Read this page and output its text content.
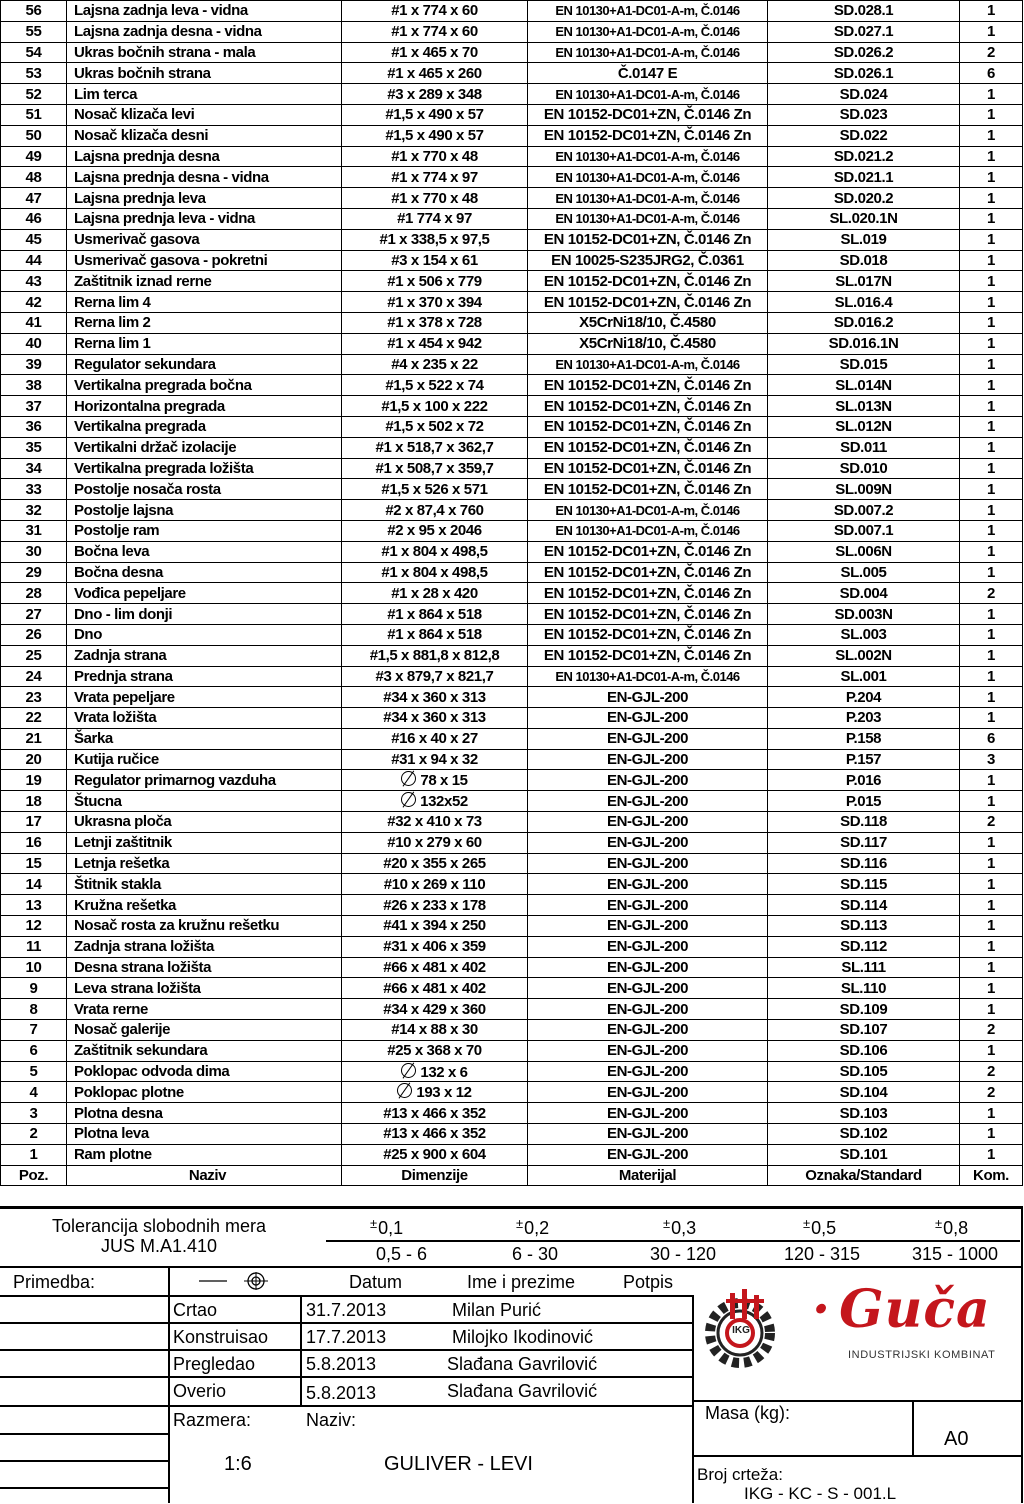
56	Lajsna zadnja leva - vidna	#1 x 774 x 60	EN 10130+A1-DC01-A-m, Č.0146	SD.028.1	1
55	Lajsna zadnja desna - vidna	#1 x 774 x 60	EN 10130+A1-DC01-A-m, Č.0146	SD.027.1	1
54	Ukras bočnih strana - mala	#1 x 465 x 70	EN 10130+A1-DC01-A-m, Č.0146	SD.026.2	2
53	Ukras bočnih strana	#1 x 465 x 260	Č.0147 E	SD.026.1	6
52	Lim terca	#3 x 289 x 348	EN 10130+A1-DC01-A-m, Č.0146	SD.024	1
51	Nosač klizača levi	#1,5 x 490 x 57	EN 10152-DC01+ZN, Č.0146 Zn	SD.023	1
50	Nosač klizača desni	#1,5 x 490 x 57	EN 10152-DC01+ZN, Č.0146 Zn	SD.022	1
49	Lajsna prednja desna	#1 x 770 x 48	EN 10130+A1-DC01-A-m, Č.0146	SD.021.2	1
48	Lajsna prednja desna - vidna	#1 x 774 x 97	EN 10130+A1-DC01-A-m, Č.0146	SD.021.1	1
47	Lajsna prednja leva	#1 x 770 x 48	EN 10130+A1-DC01-A-m, Č.0146	SD.020.2	1
46	Lajsna prednja leva - vidna	#1 774 x 97	EN 10130+A1-DC01-A-m, Č.0146	SL.020.1N	1
45	Usmerivač gasova	#1 x 338,5 x 97,5	EN 10152-DC01+ZN, Č.0146 Zn	SL.019	1
44	Usmerivač gasova - pokretni	#3 x 154 x 61	EN 10025-S235JRG2, Č.0361	SD.018	1
43	Zaštitnik iznad rerne	#1 x 506 x 779	EN 10152-DC01+ZN, Č.0146 Zn	SL.017N	1
42	Rerna lim 4	#1 x 370 x 394	EN 10152-DC01+ZN, Č.0146 Zn	SL.016.4	1
41	Rerna lim 2	#1 x 378 x 728	X5CrNi18/10, Č.4580	SD.016.2	1
40	Rerna lim 1	#1 x 454 x 942	X5CrNi18/10, Č.4580	SD.016.1N	1
39	Regulator sekundara	#4 x 235 x 22	EN 10130+A1-DC01-A-m, Č.0146	SD.015	1
38	Vertikalna pregrada bočna	#1,5 x 522 x 74	EN 10152-DC01+ZN, Č.0146 Zn	SL.014N	1
37	Horizontalna pregrada	#1,5 x 100 x 222	EN 10152-DC01+ZN, Č.0146 Zn	SL.013N	1
36	Vertikalna pregrada	#1,5 x 502 x 72	EN 10152-DC01+ZN, Č.0146 Zn	SL.012N	1
35	Vertikalni držač izolacije	#1 x 518,7 x 362,7	EN 10152-DC01+ZN, Č.0146 Zn	SD.011	1
34	Vertikalna pregrada ložišta	#1 x 508,7 x 359,7	EN 10152-DC01+ZN, Č.0146 Zn	SD.010	1
33	Postolje nosača rosta	#1,5 x 526 x 571	EN 10152-DC01+ZN, Č.0146 Zn	SL.009N	1
32	Postolje lajsna	#2 x 87,4 x 760	EN 10130+A1-DC01-A-m, Č.0146	SD.007.2	1
31	Postolje ram	#2 x 95 x 2046	EN 10130+A1-DC01-A-m, Č.0146	SD.007.1	1
30	Bočna leva	#1 x 804 x 498,5	EN 10152-DC01+ZN, Č.0146 Zn	SL.006N	1
29	Bočna desna	#1 x 804 x 498,5	EN 10152-DC01+ZN, Č.0146 Zn	SL.005	1
28	Vođica pepeljare	#1 x 28 x 420	EN 10152-DC01+ZN, Č.0146 Zn	SD.004	2
27	Dno - lim donji	#1 x 864 x 518	EN 10152-DC01+ZN, Č.0146 Zn	SD.003N	1
26	Dno	#1 x 864 x 518	EN 10152-DC01+ZN, Č.0146 Zn	SL.003	1
25	Zadnja strana	#1,5 x 881,8 x 812,8	EN 10152-DC01+ZN, Č.0146 Zn	SL.002N	1
24	Prednja strana	#3 x 879,7 x 821,7	EN 10130+A1-DC01-A-m, Č.0146	SL.001	1
23	Vrata pepeljare	#34 x 360 x 313	EN-GJL-200	P.204	1
22	Vrata ložišta	#34 x 360 x 313	EN-GJL-200	P.203	1
21	Šarka	#16 x 40 x 27	EN-GJL-200	P.158	6
20	Kutija ručice	#31 x 94 x 32	EN-GJL-200	P.157	3
19	Regulator primarnog vazduha	78 x 15	EN-GJL-200	P.016	1
18	Štucna	132x52	EN-GJL-200	P.015	1
17	Ukrasna ploča	#32 x 410 x 73	EN-GJL-200	SD.118	2
16	Letnji zaštitnik	#10 x 279 x 60	EN-GJL-200	SD.117	1
15	Letnja rešetka	#20 x 355 x 265	EN-GJL-200	SD.116	1
14	Štitnik stakla	#10 x 269 x 110	EN-GJL-200	SD.115	1
13	Kružna rešetka	#26 x 233 x 178	EN-GJL-200	SD.114	1
12	Nosač rosta za kružnu rešetku	#41 x 394 x 250	EN-GJL-200	SD.113	1
11	Zadnja strana ložišta	#31 x 406 x 359	EN-GJL-200	SD.112	1
10	Desna strana ložišta	#66 x 481 x 402	EN-GJL-200	SL.111	1
9	Leva strana ložišta	#66 x 481 x 402	EN-GJL-200	SL.110	1
8	Vrata rerne	#34 x 429 x 360	EN-GJL-200	SD.109	1
7	Nosač galerije	#14 x 88 x 30	EN-GJL-200	SD.107	2
6	Zaštitnik sekundara	#25 x 368 x 70	EN-GJL-200	SD.106	1
5	Poklopac odvoda dima	132 x 6	EN-GJL-200	SD.105	2
4	Poklopac plotne	193 x 12	EN-GJL-200	SD.104	2
3	Plotna desna	#13 x 466 x 352	EN-GJL-200	SD.103	1
2	Plotna leva	#13 x 466 x 352	EN-GJL-200	SD.102	1
1	Ram plotne	#25 x 900 x 604	EN-GJL-200	SD.101	1
Poz.	Naziv	Dimenzije	Materijal	Oznaka/Standard	Kom.
Tolerancija slobodnih mera
JUS M.A1.410
±0,1	±0,2	±0,3	±0,5	±0,8
0,5 - 6	6 - 30	30 - 120	120 - 315	315 - 1000
Primedba:	Datum	Ime i prezime	Potpis
Crtao	31.7.2013	Milan Purić
Konstruisao 17.7.2013	Milojko Ikodinović
Pregledao	5.8.2013	Slađana Gavrilović
Overio	5.8.2013	Slađana Gavrilović
Razmera:	Naziv:
1:6	GULIVER - LEVI
Masa (kg):
A0
Broj crteža:
IKG - KC - S - 001.L
IKG · Guča
INDUSTRIJSKI KOMBINAT
